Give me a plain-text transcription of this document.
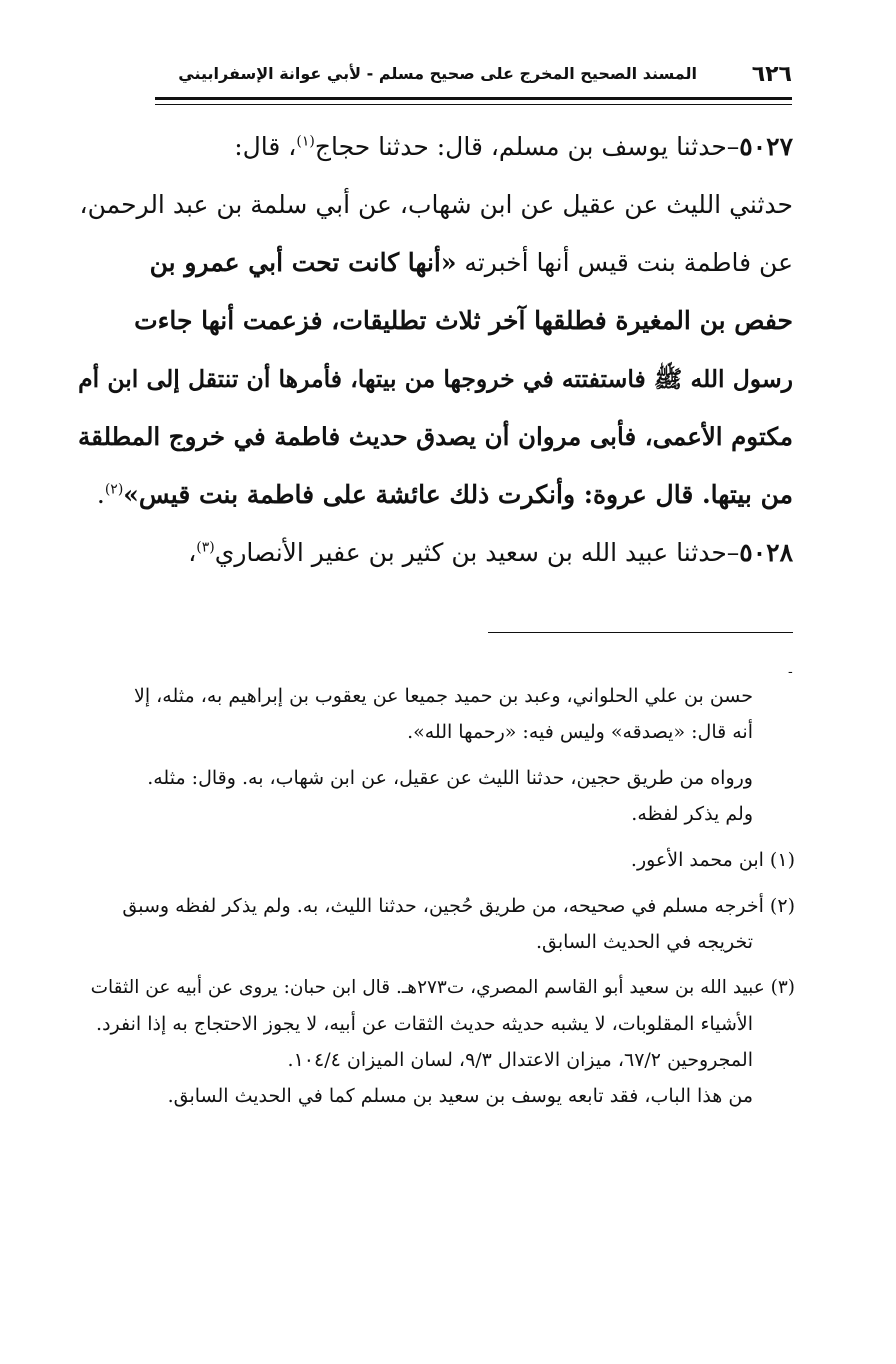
٦٢٦
المسند الصحيح المخرج على صحيح مسلم - لأبي عوانة الإسفرابيني
٥٠٢٧–حدثنا يوسف بن مسلم، قال: حدثنا حجاج$^{(١)}$، قال:
حدثني الليث عن عقيل عن ابن شهاب، عن أبي سلمة بن عبد الرحمن،
عن فاطمة بنت قيس أنها أخبرته «أنها كانت تحت أبي عمرو بن
حفص بن المغيرة فطلقها آخر ثلاث تطليقات، فزعمت أنها جاءت
رسول الله ﷺ فاستفتته في خروجها من بيتها، فأمرها أن تنتقل إلى ابن أم
مكتوم الأعمى، فأبى مروان أن يصدق حديث فاطمة في خروج المطلقة
من بيتها. قال عروة: وأنكرت ذلك عائشة على فاطمة بنت قيس»$^{(٢)}$.
٥٠٢٨–حدثنا عبيد الله بن سعيد بن كثير بن عفير الأنصاري$^{(٣)}$،
-
حسن بن علي الحلواني، وعبد بن حميد جميعا عن يعقوب بن إبراهيم به، مثله، إلا
أنه قال: «يصدقه» وليس فيه: «رحمها الله».
ورواه من طريق حجين، حدثنا الليث عن عقيل، عن ابن شهاب، به. وقال: مثله.
ولم يذكر لفظه.
(١) ابن محمد الأعور.
(٢) أخرجه مسلم في صحيحه، من طريق حُجين، حدثنا الليث، به. ولم يذكر لفظه وسبق
تخريجه في الحديث السابق.
(٣) عبيد الله بن سعيد أبو القاسم المصري، ت٢٧٣هـ. قال ابن حبان: يروى عن أبيه عن الثقات
الأشياء المقلوبات، لا يشبه حديثه حديث الثقات عن أبيه، لا يجوز الاحتجاج به إذا انفرد.
المجروحين ٦٧/٢، ميزان الاعتدال ٩/٣، لسان الميزان ١٠٤/٤.
من هذا الباب، فقد تابعه يوسف بن سعيد بن مسلم كما في الحديث السابق.
